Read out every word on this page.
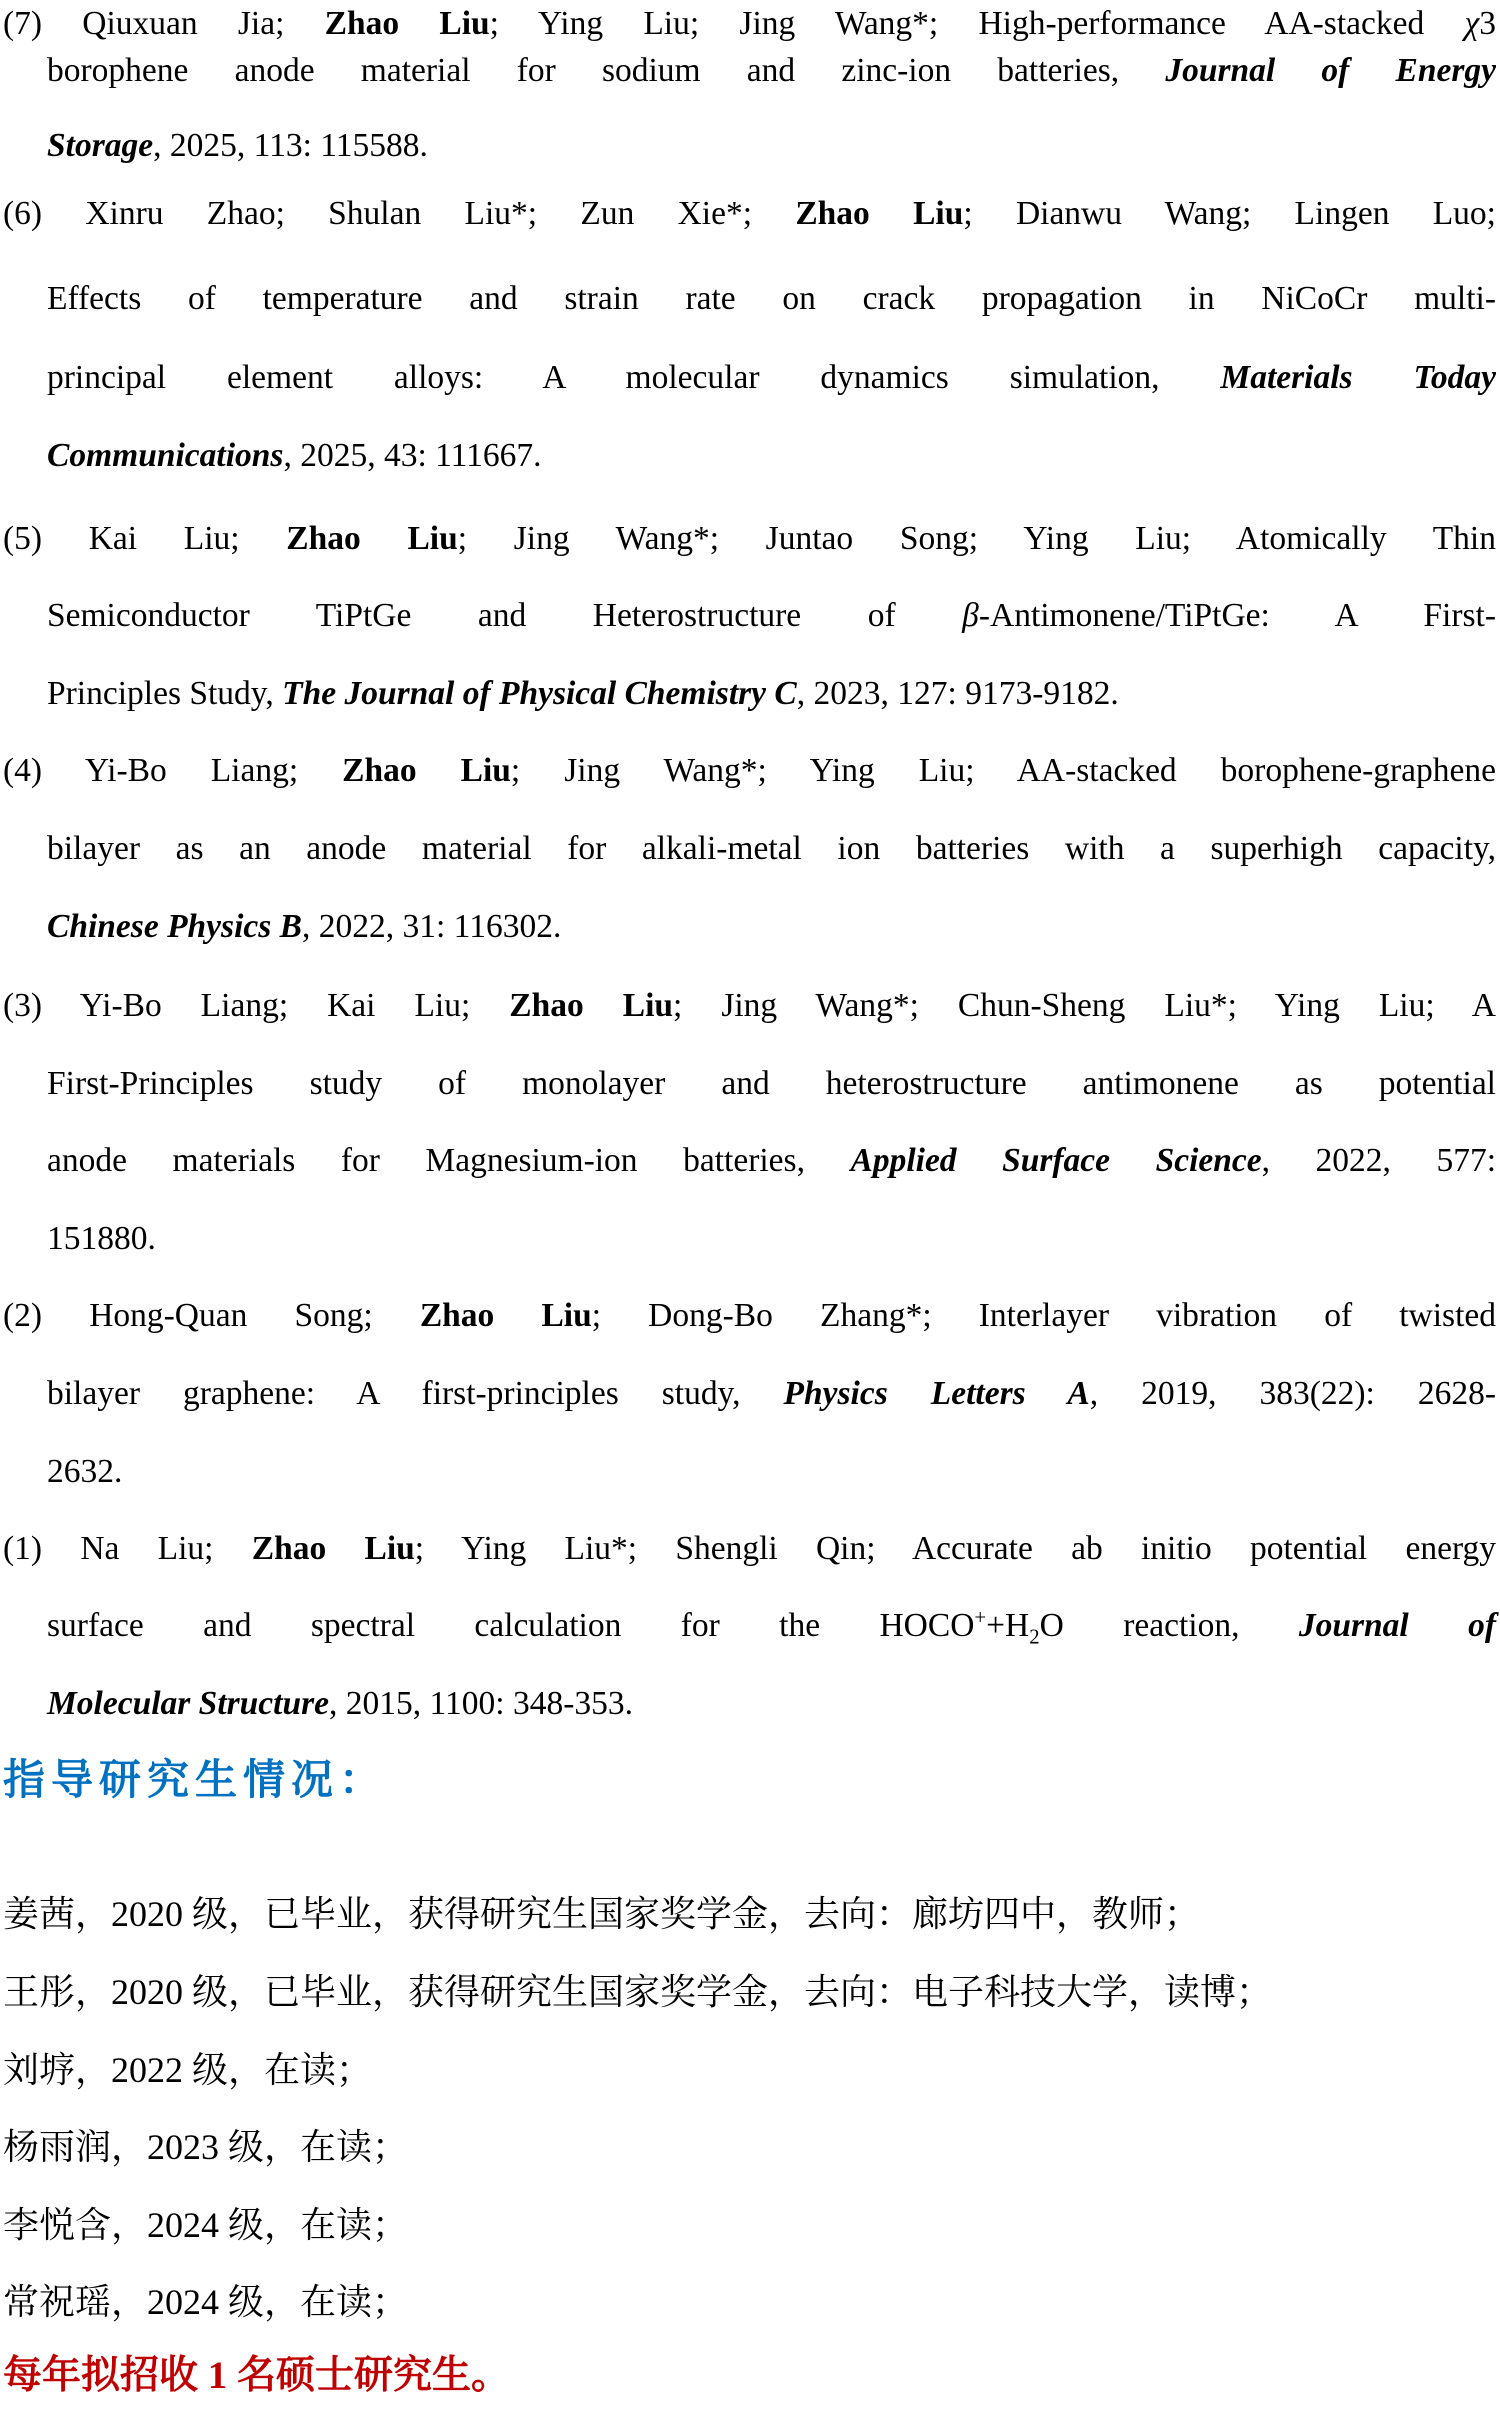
(7) Qiuxuan Jia; Zhao Liu; Ying Liu; Jing Wang*; High-performance AA-stacked χ3
borophene anode material for sodium and zinc-ion batteries, Journal of Energy
Storage, 2025, 113: 115588.
(6) Xinru Zhao; Shulan Liu*; Zun Xie*; Zhao Liu; Dianwu Wang; Lingen Luo;
Effects of temperature and strain rate on crack propagation in NiCoCr multi-
principal element alloys: A molecular dynamics simulation, Materials Today
Communications, 2025, 43: 111667.
(5) Kai Liu; Zhao Liu; Jing Wang*; Juntao Song; Ying Liu; Atomically Thin
Semiconductor TiPtGe and Heterostructure of β-Antimonene/TiPtGe: A First-
Principles Study, The Journal of Physical Chemistry C, 2023, 127: 9173-9182.
(4) Yi-Bo Liang; Zhao Liu; Jing Wang*; Ying Liu; AA-stacked borophene-graphene
bilayer as an anode material for alkali-metal ion batteries with a superhigh capacity,
Chinese Physics B, 2022, 31: 116302.
(3) Yi-Bo Liang; Kai Liu; Zhao Liu; Jing Wang*; Chun-Sheng Liu*; Ying Liu; A
First-Principles study of monolayer and heterostructure antimonene as potential
anode materials for Magnesium-ion batteries, Applied Surface Science, 2022, 577:
151880.
(2) Hong-Quan Song; Zhao Liu; Dong-Bo Zhang*; Interlayer vibration of twisted
bilayer graphene: A first-principles study, Physics Letters A, 2019, 383(22): 2628-
2632.
(1) Na Liu; Zhao Liu; Ying Liu*; Shengli Qin; Accurate ab initio potential energy
surface and spectral calculation for the $HOCO^++H_2O$ reaction, Journal of
Molecular Structure, 2015, 1100: 348-353.
指导研究生情况：
姜茜，2020 级，已毕业，获得研究生国家奖学金，去向：廊坊四中，教师；
王彤，2020 级，已毕业，获得研究生国家奖学金，去向：电子科技大学，读博；
刘垿，2022 级，在读；
杨雨润，2023 级，在读；
李悦含，2024 级，在读；
常祝瑶，2024 级，在读；
每年拟招收 1 名硕士研究生。
